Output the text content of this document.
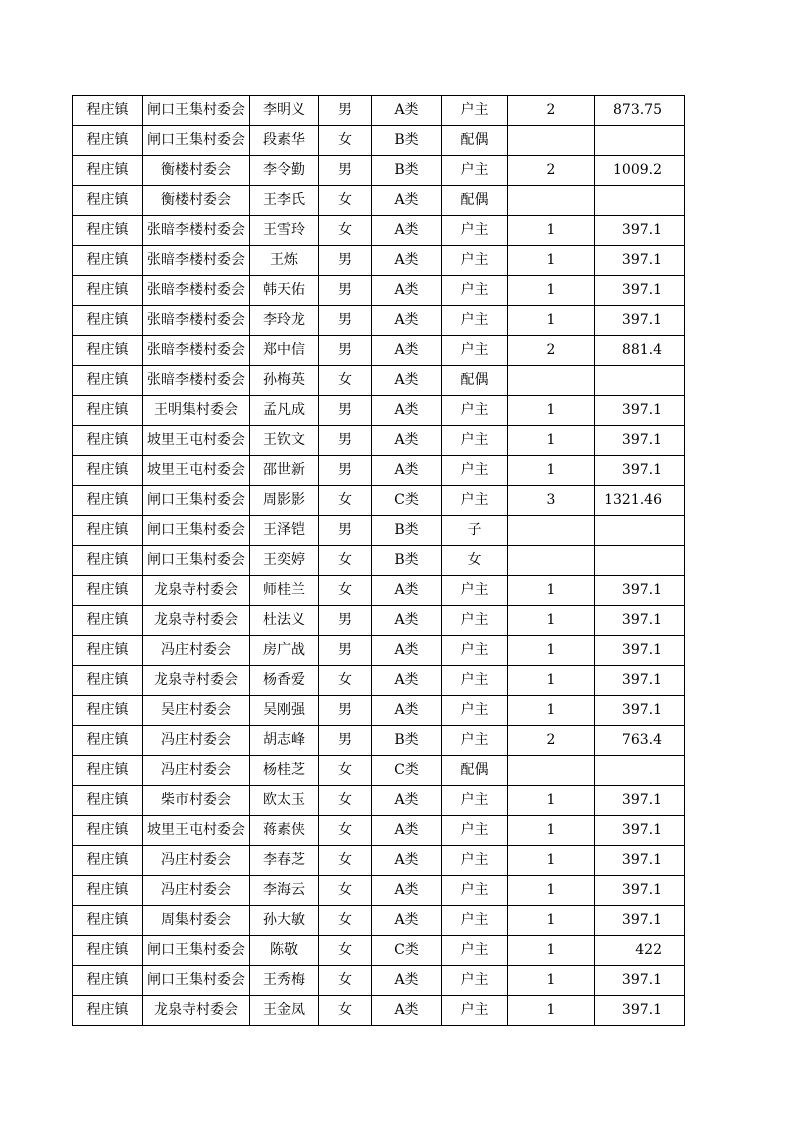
程庄镇	闸口王集村委会	李明义	男	A类	户主	2	873.75
程庄镇	闸口王集村委会	段素华	女	B类	配偶		
程庄镇	衡楼村委会	李令勤	男	B类	户主	2	1009.2
程庄镇	衡楼村委会	王李氏	女	A类	配偶		
程庄镇	张暗李楼村委会	王雪玲	女	A类	户主	1	397.1
程庄镇	张暗李楼村委会	王炼	男	A类	户主	1	397.1
程庄镇	张暗李楼村委会	韩天佑	男	A类	户主	1	397.1
程庄镇	张暗李楼村委会	李玲龙	男	A类	户主	1	397.1
程庄镇	张暗李楼村委会	郑中信	男	A类	户主	2	881.4
程庄镇	张暗李楼村委会	孙梅英	女	A类	配偶		
程庄镇	王明集村委会	孟凡成	男	A类	户主	1	397.1
程庄镇	坡里王屯村委会	王钦文	男	A类	户主	1	397.1
程庄镇	坡里王屯村委会	邵世新	男	A类	户主	1	397.1
程庄镇	闸口王集村委会	周影影	女	C类	户主	3	1321.46
程庄镇	闸口王集村委会	王泽铠	男	B类	子		
程庄镇	闸口王集村委会	王奕婷	女	B类	女		
程庄镇	龙泉寺村委会	师桂兰	女	A类	户主	1	397.1
程庄镇	龙泉寺村委会	杜法义	男	A类	户主	1	397.1
程庄镇	冯庄村委会	房广战	男	A类	户主	1	397.1
程庄镇	龙泉寺村委会	杨香爱	女	A类	户主	1	397.1
程庄镇	吴庄村委会	吴刚强	男	A类	户主	1	397.1
程庄镇	冯庄村委会	胡志峰	男	B类	户主	2	763.4
程庄镇	冯庄村委会	杨桂芝	女	C类	配偶		
程庄镇	柴市村委会	欧太玉	女	A类	户主	1	397.1
程庄镇	坡里王屯村委会	蒋素侠	女	A类	户主	1	397.1
程庄镇	冯庄村委会	李春芝	女	A类	户主	1	397.1
程庄镇	冯庄村委会	李海云	女	A类	户主	1	397.1
程庄镇	周集村委会	孙大敏	女	A类	户主	1	397.1
程庄镇	闸口王集村委会	陈敬	女	C类	户主	1	422
程庄镇	闸口王集村委会	王秀梅	女	A类	户主	1	397.1
程庄镇	龙泉寺村委会	王金凤	女	A类	户主	1	397.1
